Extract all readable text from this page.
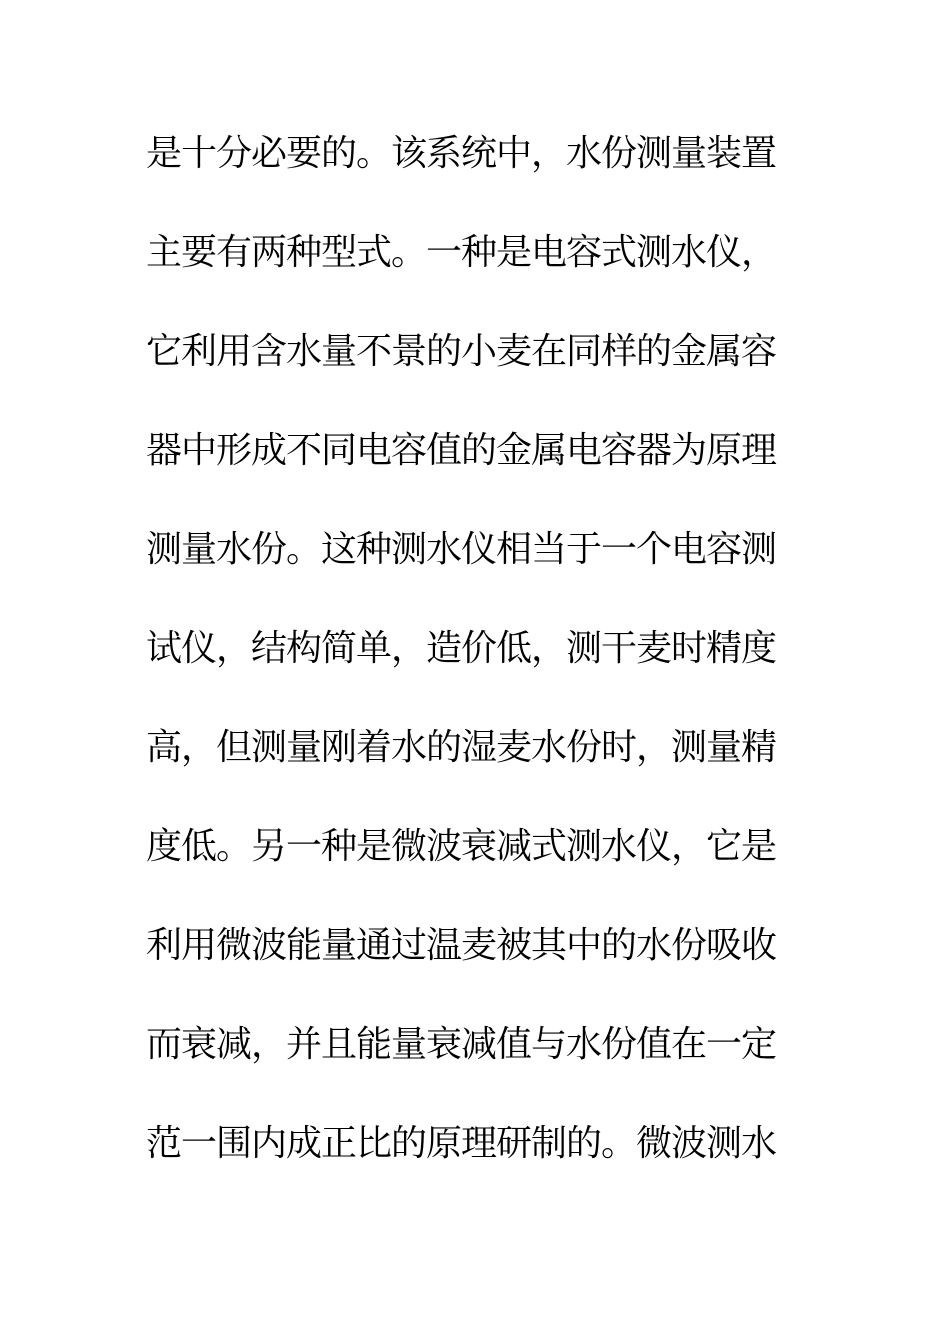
是十分必要的。该系统中，水份测量装置
主要有两种型式。一种是电容式测水仪，
它利用含水量不景的小麦在同样的金属容
器中形成不同电容值的金属电容器为原理
测量水份。这种测水仪相当于一个电容测
试仪，结构简单，造价低，测干麦时精度
高，但测量刚着水的湿麦水份时，测量精
度低。另一种是微波衰减式测水仪，它是
利用微波能量通过温麦被其中的水份吸收
而衰减，并且能量衰减值与水份值在一定
范一围内成正比的原理研制的。微波测水
